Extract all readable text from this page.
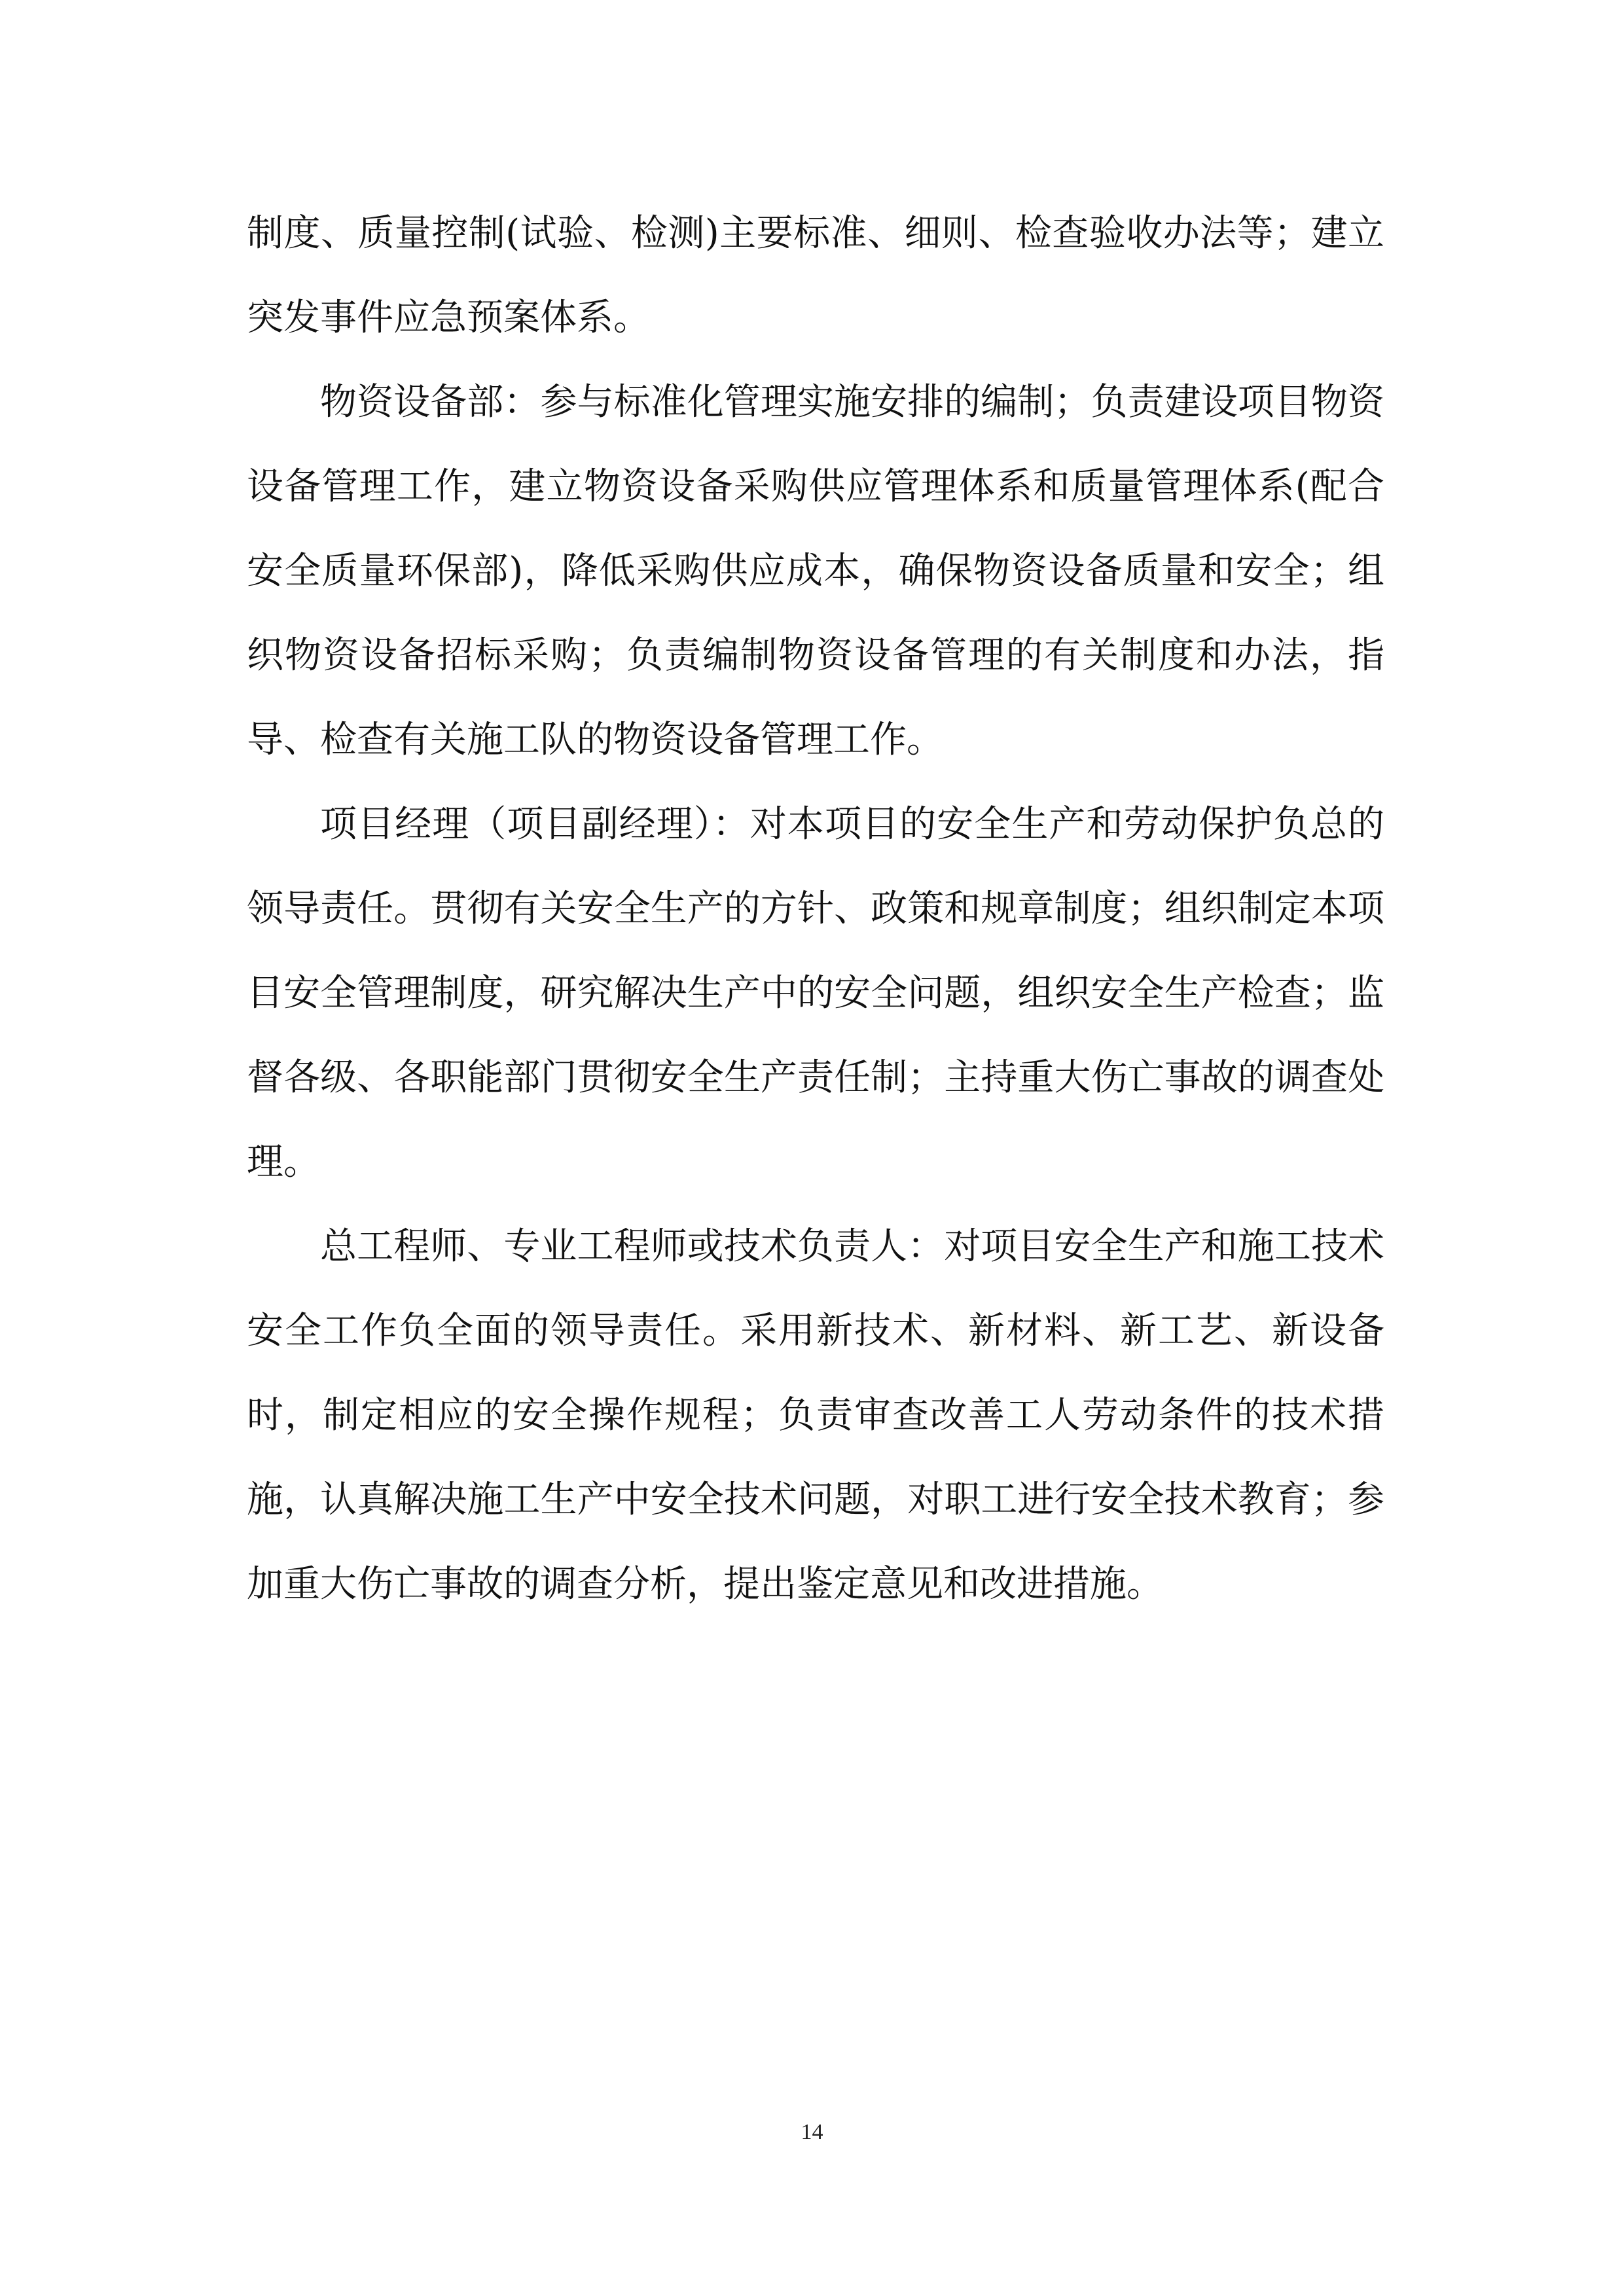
制度、质量控制(试验、检测)主要标准、细则、检查验收办法等；建立突发事件应急预案体系。

物资设备部：参与标准化管理实施安排的编制；负责建设项目物资设备管理工作，建立物资设备采购供应管理体系和质量管理体系(配合安全质量环保部)，降低采购供应成本，确保物资设备质量和安全；组织物资设备招标采购；负责编制物资设备管理的有关制度和办法，指导、检查有关施工队的物资设备管理工作。

项目经理（项目副经理）：对本项目的安全生产和劳动保护负总的领导责任。贯彻有关安全生产的方针、政策和规章制度；组织制定本项目安全管理制度，研究解决生产中的安全问题，组织安全生产检查；监督各级、各职能部门贯彻安全生产责任制；主持重大伤亡事故的调查处理。

总工程师、专业工程师或技术负责人：对项目安全生产和施工技术安全工作负全面的领导责任。采用新技术、新材料、新工艺、新设备时，制定相应的安全操作规程；负责审查改善工人劳动条件的技术措施，认真解决施工生产中安全技术问题，对职工进行安全技术教育；参加重大伤亡事故的调查分析，提出鉴定意见和改进措施。

14
